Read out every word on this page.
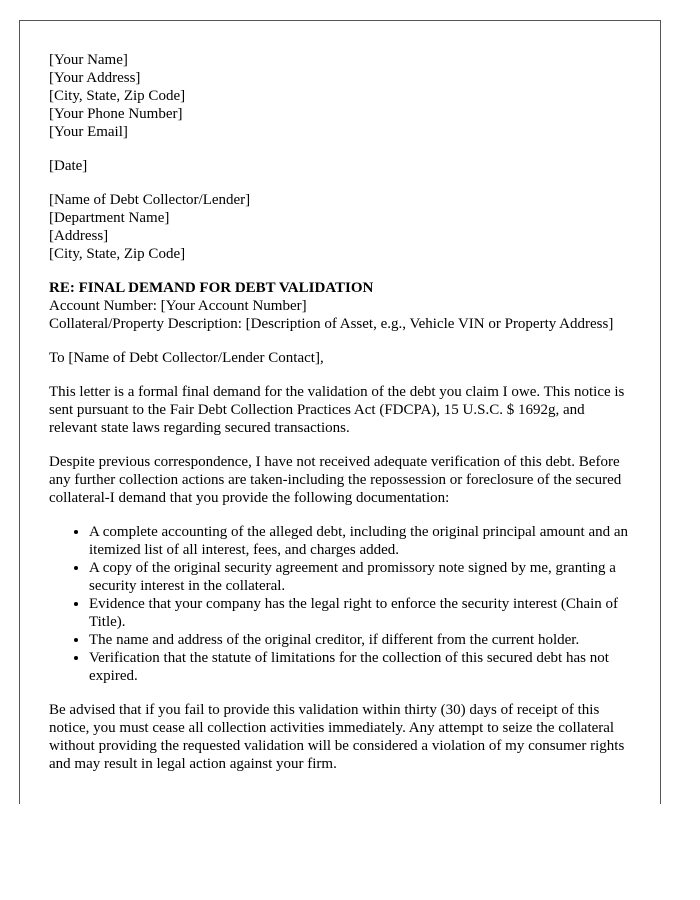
[Your Name]
[Your Address]
[City, State, Zip Code]
[Your Phone Number]
[Your Email]
[Date]
[Name of Debt Collector/Lender]
[Department Name]
[Address]
[City, State, Zip Code]
RE: FINAL DEMAND FOR DEBT VALIDATION
Account Number: [Your Account Number]
Collateral/Property Description: [Description of Asset, e.g., Vehicle VIN or Property Address]

To [Name of Debt Collector/Lender Contact],

This letter is a formal final demand for the validation of the debt you claim I owe. This notice is sent pursuant to the Fair Debt Collection Practices Act (FDCPA), 15 U.S.C. $ 1692g, and relevant state laws regarding secured transactions.

Despite previous correspondence, I have not received adequate verification of this debt. Before any further collection actions are taken-including the repossession or foreclosure of the secured collateral-I demand that you provide the following documentation:

• A complete accounting of the alleged debt, including the original principal amount and an itemized list of all interest, fees, and charges added.
• A copy of the original security agreement and promissory note signed by me, granting a security interest in the collateral.
• Evidence that your company has the legal right to enforce the security interest (Chain of Title).
• The name and address of the original creditor, if different from the current holder.
• Verification that the statute of limitations for the collection of this secured debt has not expired.

Be advised that if you fail to provide this validation within thirty (30) days of receipt of this notice, you must cease all collection activities immediately. Any attempt to seize the collateral without providing the requested validation will be considered a violation of my consumer rights and may result in legal action against your firm.
